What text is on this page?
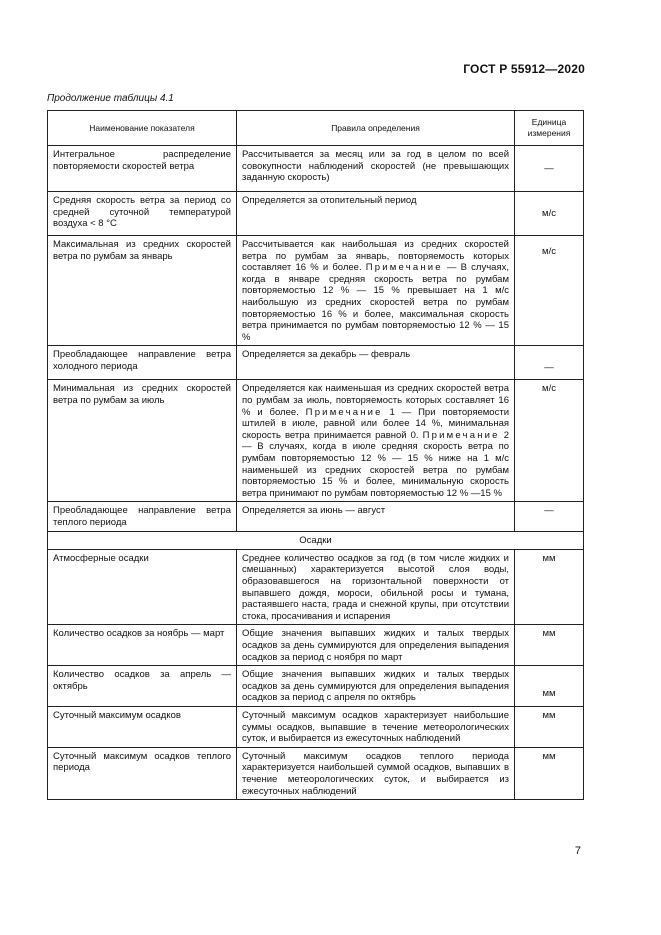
ГОСТ Р 55912—2020
Продолжение таблицы 4.1
Наименование показателя	Правила определения	Единица
измерения

Интегральное распределение повторяемости скоростей ветра	Рассчитывается за месяц или за год в целом по всей совокупности наблюдений скоростей (не превышающих заданную скорость)	—
Средняя скорость ветра за период со средней суточной температурой воздуха < 8 °С	Определяется за отопительный период	м/с
Максимальная из средних скоростей ветра по румбам за январь	Рассчитывается как наибольшая из средних скоростей ветра по румбам за январь, повторяемость которых составляет 16 % и более. Примечание — В случаях, когда в январе средняя скорость ветра по румбам повторяемостью 12 % — 15 % превышает на 1 м/с наибольшую из средних скоростей ветра по румбам повторяемостью 16 % и более, максимальная скорость ветра принимается по румбам повторяемостью 12 % — 15 %	м/с
Преобладающее направление ветра холодного периода	Определяется за декабрь — февраль	—
Минимальная из средних скоростей ветра по румбам за июль	Определяется как наименьшая из средних скоростей ветра по румбам за июль, повторяемость которых составляет 16 % и более. Примечание 1 — При повторяемости штилей в июле, равной или более 14 %, минимальная скорость ветра принимается равной 0. Примечание 2 — В случаях, когда в июле средняя скорость ветра по румбам повторяемостью 12 % — 15 % ниже на 1 м/с наименьшей из средних скоростей ветра по румбам повторяемостью 15 % и более, минимальную скорость ветра принимают по румбам повторяемостью 12 % —15 %	м/с
Преобладающее направление ветра теплого периода	Определяется за июнь — август	—
Осадки		
Атмосферные осадки	Среднее количество осадков за год (в том числе жидких и смешанных) характеризуется высотой слоя воды, образовавшегося на горизонтальной поверхности от выпавшего дождя, мороси, обильной росы и тумана, растаявшего наста, града и снежной крупы, при отсутствии стока, просачивания и испарения	мм
Количество осадков за ноябрь — март	Общие значения выпавших жидких и талых твердых осадков за день суммируются для определения выпадения осадков за период с ноября по март	мм
Количество осадков за апрель — октябрь	Общие значения выпавших жидких и талых твердых осадков за день суммируются для определения выпадения осадков за период с апреля по октябрь	мм
Суточный максимум осадков	Суточный максимум осадков характеризует наибольшие суммы осадков, выпавшие в течение метеорологических суток, и выбирается из ежесуточных наблюдений	мм
Суточный максимум осадков теплого периода	Суточный максимум осадков теплого периода характеризуется наибольшей суммой осадков, выпавших в течение метеорологических суток, и выбирается из ежесуточных наблюдений	мм
7
